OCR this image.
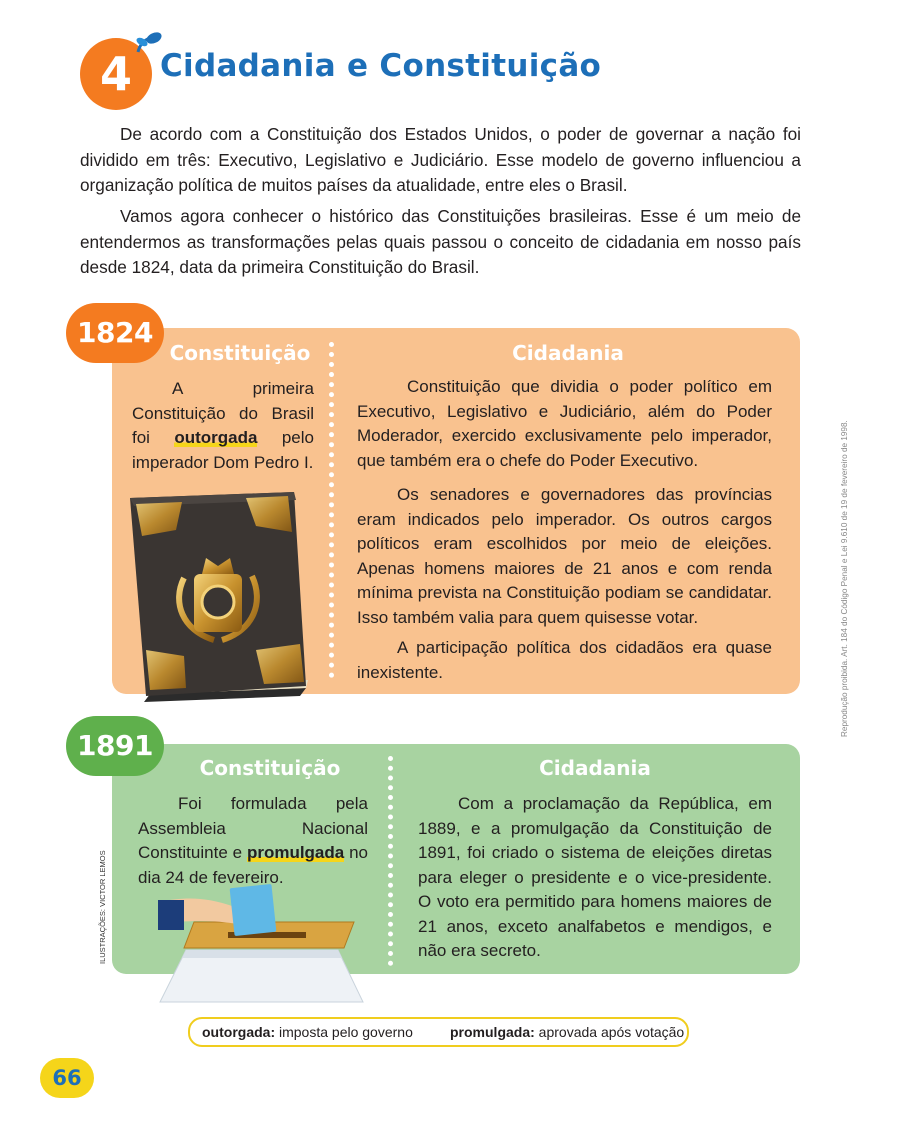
4 Cidadania e Constituição

De acordo com a Constituição dos Estados Unidos, o poder de governar a nação foi dividido em três: Executivo, Legislativo e Judiciário. Esse modelo de governo influenciou a organização política de muitos países da atualidade, entre eles o Brasil.

Vamos agora conhecer o histórico das Constituições brasileiras. Esse é um meio de entendermos as transformações pelas quais passou o conceito de cidadania em nosso país desde 1824, data da primeira Constituição do Brasil.

1824
Constituição	Cidadania

A primeira Constituição do Brasil foi outorgada pelo imperador Dom Pedro I.

Constituição que dividia o poder político em Executivo, Legislativo e Judiciário, além do Poder Moderador, exercido exclusivamente pelo imperador, que também era o chefe do Poder Executivo.

Os senadores e governadores das províncias eram indicados pelo imperador. Os outros cargos políticos eram escolhidos por meio de eleições. Apenas homens maiores de 21 anos e com renda mínima prevista na Constituição podiam se candidatar. Isso também valia para quem quisesse votar.

A participação política dos cidadãos era quase inexistente.

1891
Constituição	Cidadania

Foi formulada pela Assembleia Nacional Constituinte e promulgada no dia 24 de fevereiro.

Com a proclamação da República, em 1889, e a promulgação da Constituição de 1891, foi criado o sistema de eleições diretas para eleger o presidente e o vice-presidente. O voto era permitido para homens maiores de 21 anos, exceto analfabetos e mendigos, e não era secreto.

ILUSTRAÇÕES: VICTOR LEMOS
Reprodução proibida. Art. 184 do Código Penal e Lei 9.610 de 19 de fevereiro de 1998.
outorgada: imposta pelo governo	promulgada: aprovada após votação
66
